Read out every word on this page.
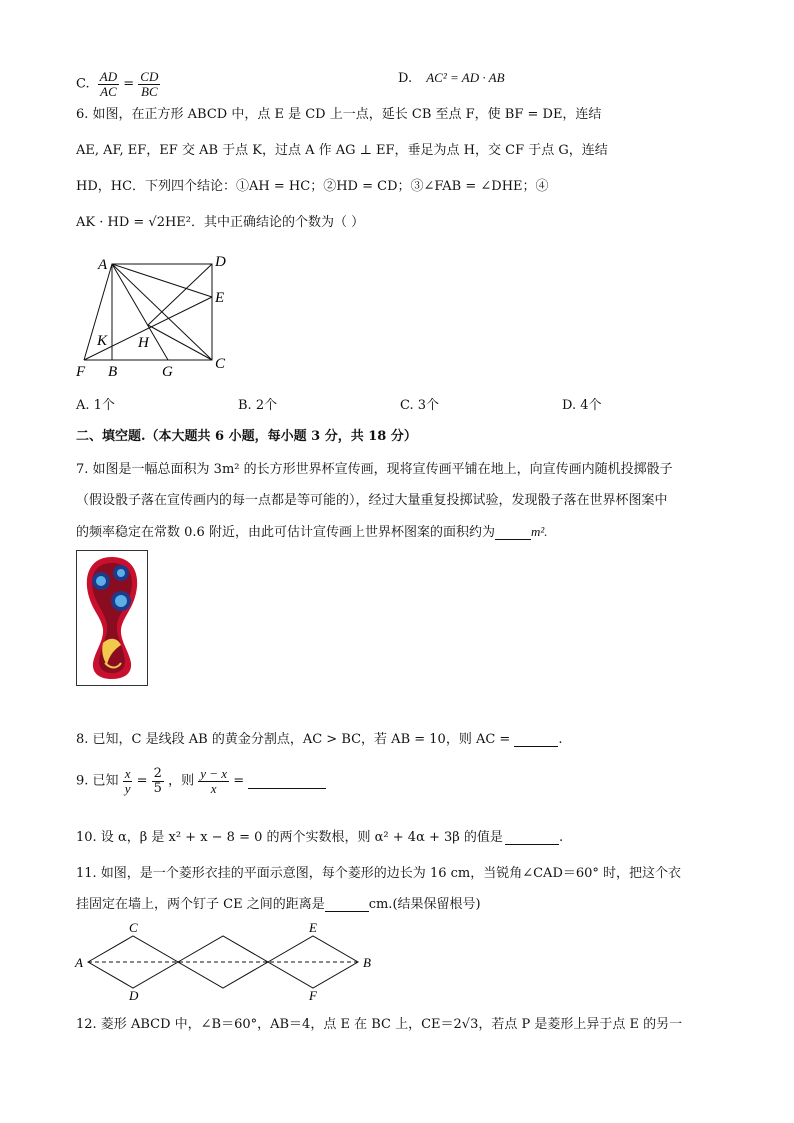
C. $\frac{AD}{AC} = \frac{CD}{BC}$	D. AC² = AD · AB
6. 如图，在正方形 ABCD 中，点 E 是 CD 上一点，延长 CB 至点 F，使 BF = DE，连结
AE, AF, EF，EF 交 AB 于点 K，过点 A 作 AG ⊥ EF，垂足为点 H，交 CF 于点 G，连结
HD，HC．下列四个结论：①AH = HC；②HD = CD；③∠FAB = ∠DHE；④
AK · HD = √2HE²．其中正确结论的个数为（ ）
A	D
E
K H
F B	G	C
A. 1个	B. 2个	C. 3个	D. 4个
二、填空题.（本大题共 6 小题，每小题 3 分，共 18 分）
7. 如图是一幅总面积为 3m² 的长方形世界杯宣传画，现将宣传画平铺在地上，向宣传画内随机投掷骰子
（假设骰子落在宣传画内的每一点都是等可能的），经过大量重复投掷试验，发现骰子落在世界杯图案中
的频率稳定在常数 0.6 附近，由此可估计宣传画上世界杯图案的面积约为	m².
8. 已知，C 是线段 AB 的黄金分割点，AC > BC，若 AB = 10，则 AC =	.
9. 已知 $\frac{x}{y} = \frac{2}{5}$ ，则 $\frac{y - x}{x}$ =
10. 设 α，β 是 x² + x − 8 = 0 的两个实数根，则 α² + 4α + 3β 的值是	.
11. 如图，是一个菱形衣挂的平面示意图，每个菱形的边长为 16 cm，当锐角∠CAD＝60° 时，把这个衣
挂固定在墙上，两个钉子 CE 之间的距离是	cm.(结果保留根号)
A	B
C
D
E
F
12. 菱形 ABCD 中，∠B＝60°，AB＝4，点 E 在 BC 上，CE＝2√3，若点 P 是菱形上异于点 E 的另一
